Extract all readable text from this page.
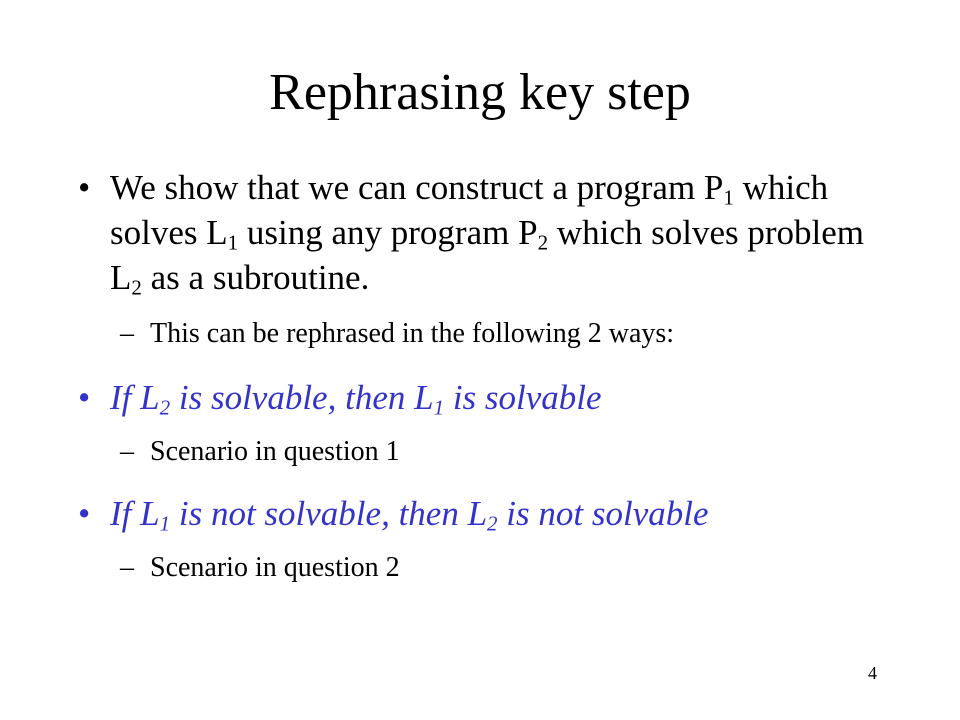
Rephrasing key step
• We show that we can construct a program $P_1$ which solves $L_1$ using any program $P_2$ which solves problem $L_2$ as a subroutine.
– This can be rephrased in the following 2 ways:
• If $L_2$ is solvable, then $L_1$ is solvable
– Scenario in question 1
• If $L_1$ is not solvable, then $L_2$ is not solvable
– Scenario in question 2
4
